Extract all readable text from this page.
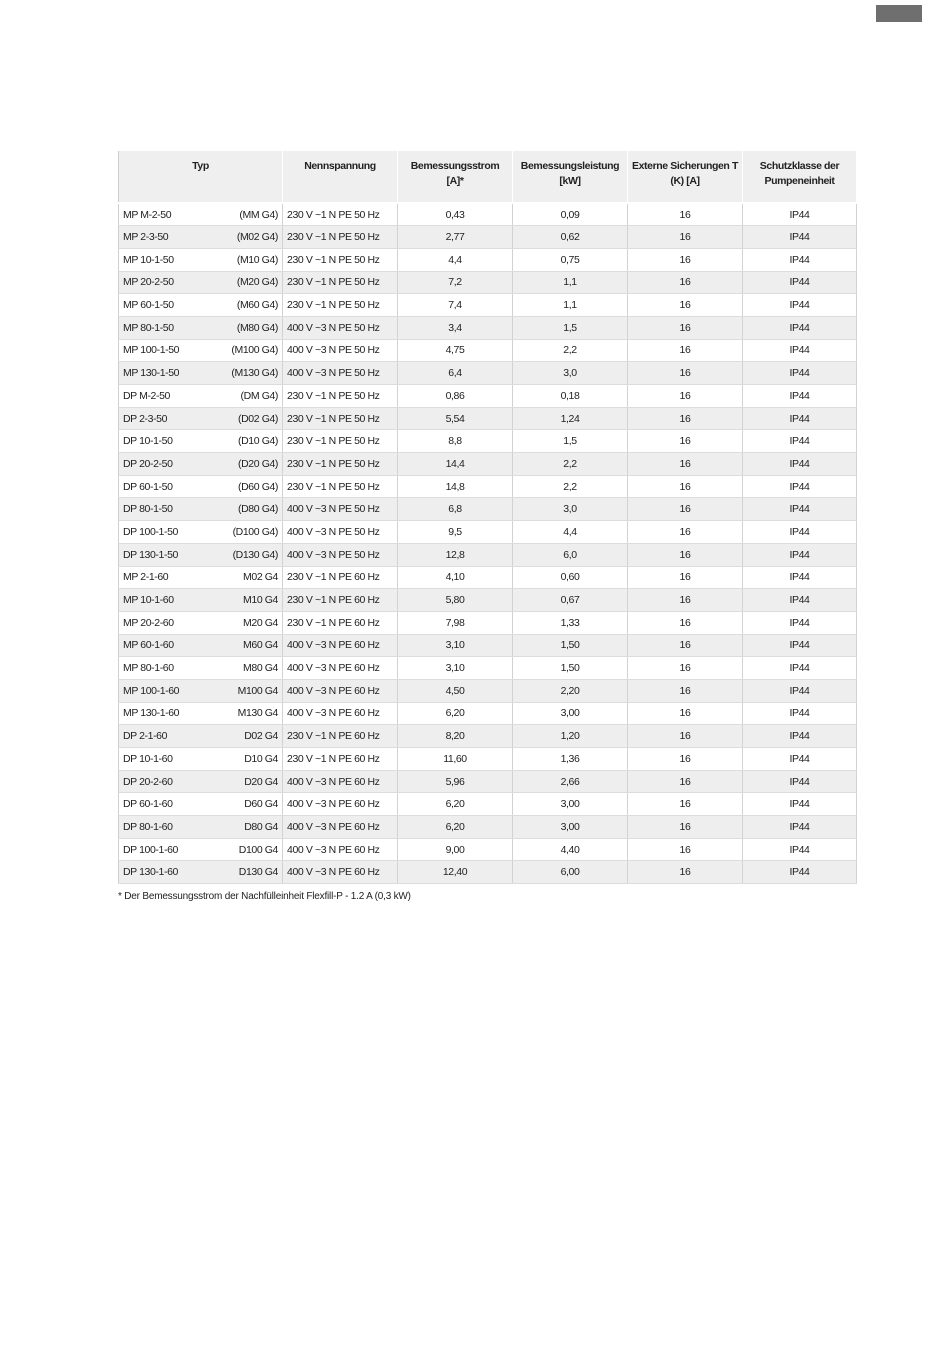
Typ	Nennspannung	Bemessungsstrom [A]*	Bemessungsleistung [kW]	Externe Sicherungen T (K) [A]	Schutzklasse der Pumpeneinheit

MP M-2-50 (MM G4)	230 V ~1 N PE 50 Hz	0,43	0,09	16	IP44

MP 2-3-50 (M02 G4)	230 V ~1 N PE 50 Hz	2,77	0,62	16	IP44

MP 10-1-50 (M10 G4)	230 V ~1 N PE 50 Hz	4,4	0,75	16	IP44

MP 20-2-50 (M20 G4)	230 V ~1 N PE 50 Hz	7,2	1,1	16	IP44

MP 60-1-50 (M60 G4)	230 V ~1 N PE 50 Hz	7,4	1,1	16	IP44

MP 80-1-50 (M80 G4)	400 V ~3 N PE 50 Hz	3,4	1,5	16	IP44

MP 100-1-50 (M100 G4)	400 V ~3 N PE 50 Hz	4,75	2,2	16	IP44

MP 130-1-50 (M130 G4)	400 V ~3 N PE 50 Hz	6,4	3,0	16	IP44

DP M-2-50 (DM G4)	230 V ~1 N PE 50 Hz	0,86	0,18	16	IP44

DP 2-3-50 (D02 G4)	230 V ~1 N PE 50 Hz	5,54	1,24	16	IP44

DP 10-1-50 (D10 G4)	230 V ~1 N PE 50 Hz	8,8	1,5	16	IP44

DP 20-2-50 (D20 G4)	230 V ~1 N PE 50 Hz	14,4	2,2	16	IP44

DP 60-1-50 (D60 G4)	230 V ~1 N PE 50 Hz	14,8	2,2	16	IP44

DP 80-1-50 (D80 G4)	400 V ~3 N PE 50 Hz	6,8	3,0	16	IP44

DP 100-1-50 (D100 G4)	400 V ~3 N PE 50 Hz	9,5	4,4	16	IP44

DP 130-1-50 (D130 G4)	400 V ~3 N PE 50 Hz	12,8	6,0	16	IP44

MP 2-1-60 M02 G4	230 V ~1 N PE 60 Hz	4,10	0,60	16	IP44

MP 10-1-60 M10 G4	230 V ~1 N PE 60 Hz	5,80	0,67	16	IP44

MP 20-2-60 M20 G4	230 V ~1 N PE 60 Hz	7,98	1,33	16	IP44

MP 60-1-60 M60 G4	400 V ~3 N PE 60 Hz	3,10	1,50	16	IP44

MP 80-1-60 M80 G4	400 V ~3 N PE 60 Hz	3,10	1,50	16	IP44

MP 100-1-60 M100 G4	400 V ~3 N PE 60 Hz	4,50	2,20	16	IP44

MP 130-1-60 M130 G4	400 V ~3 N PE 60 Hz	6,20	3,00	16	IP44

DP 2-1-60 D02 G4	230 V ~1 N PE 60 Hz	8,20	1,20	16	IP44

DP 10-1-60 D10 G4	230 V ~1 N PE 60 Hz	11,60	1,36	16	IP44

DP 20-2-60 D20 G4	400 V ~3 N PE 60 Hz	5,96	2,66	16	IP44

DP 60-1-60 D60 G4	400 V ~3 N PE 60 Hz	6,20	3,00	16	IP44

DP 80-1-60 D80 G4	400 V ~3 N PE 60 Hz	6,20	3,00	16	IP44

DP 100-1-60 D100 G4	400 V ~3 N PE 60 Hz	9,00	4,40	16	IP44

DP 130-1-60 D130 G4	400 V ~3 N PE 60 Hz	12,40	6,00	16	IP44
* Der Bemessungsstrom der Nachfülleinheit Flexfill-P - 1.2 A (0,3 kW)
